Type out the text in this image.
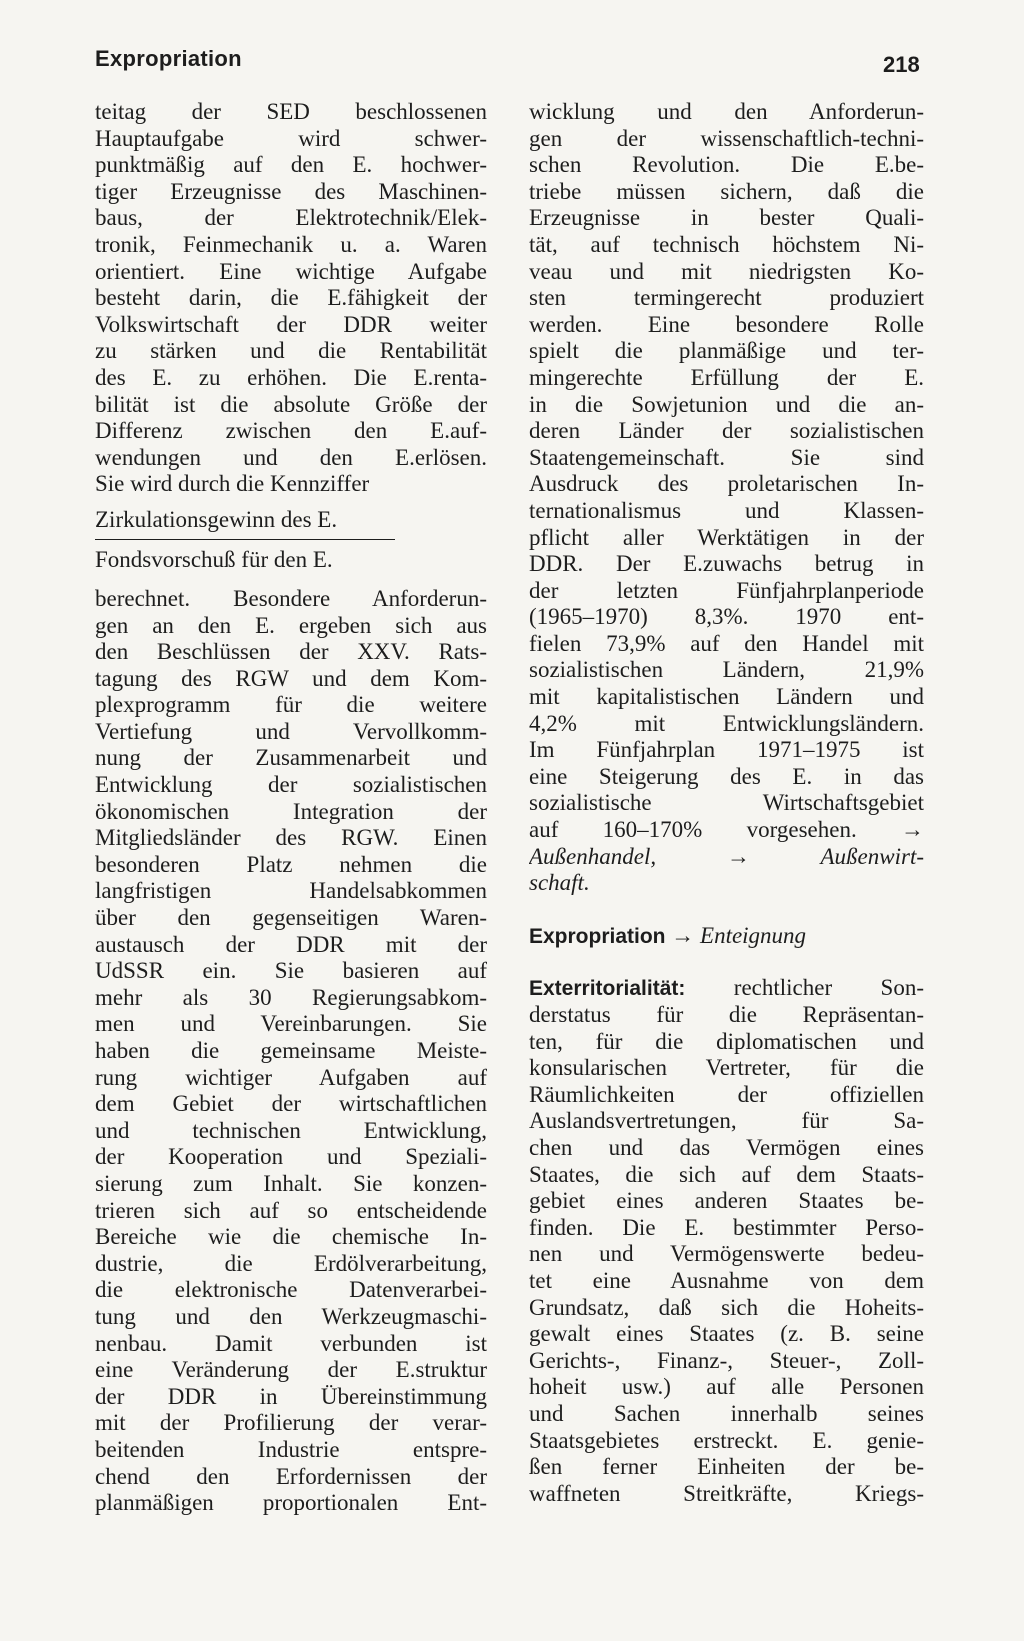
Expropriation	218
teitag der SED beschlossenen
Hauptaufgabe wird schwer-
punktmäßig auf den E. hochwer-
tiger Erzeugnisse des Maschinen-
baus, der Elektrotechnik/Elek-
tronik, Feinmechanik u. a. Waren
orientiert. Eine wichtige Aufgabe
besteht darin, die E.fähigkeit der
Volkswirtschaft der DDR weiter
zu stärken und die Rentabilität
des E. zu erhöhen. Die E.renta-
bilität ist die absolute Größe der
Differenz zwischen den E.auf-
wendungen und den E.erlösen.
Sie wird durch die Kennziffer
Zirkulationsgewinn des E.
Fondsvorschuß für den E.
berechnet. Besondere Anforderun-
gen an den E. ergeben sich aus
den Beschlüssen der XXV. Rats-
tagung des RGW und dem Kom-
plexprogramm für die weitere
Vertiefung und Vervollkomm-
nung der Zusammenarbeit und
Entwicklung der sozialistischen
ökonomischen Integration der
Mitgliedsländer des RGW. Einen
besonderen Platz nehmen die
langfristigen Handelsabkommen
über den gegenseitigen Waren-
austausch der DDR mit der
UdSSR ein. Sie basieren auf
mehr als 30 Regierungsabkom-
men und Vereinbarungen. Sie
haben die gemeinsame Meiste-
rung wichtiger Aufgaben auf
dem Gebiet der wirtschaftlichen
und technischen Entwicklung,
der Kooperation und Speziali-
sierung zum Inhalt. Sie konzen-
trieren sich auf so entscheidende
Bereiche wie die chemische In-
dustrie, die Erdölverarbeitung,
die elektronische Datenverarbei-
tung und den Werkzeugmaschi-
nenbau. Damit verbunden ist
eine Veränderung der E.struktur
der DDR in Übereinstimmung
mit der Profilierung der verar-
beitenden Industrie entspre-
chend den Erfordernissen der
planmäßigen proportionalen Ent-
wicklung und den Anforderun-
gen der wissenschaftlich-techni-
schen Revolution. Die E.be-
triebe müssen sichern, daß die
Erzeugnisse in bester Quali-
tät, auf technisch höchstem Ni-
veau und mit niedrigsten Ko-
sten termingerecht produziert
werden. Eine besondere Rolle
spielt die planmäßige und ter-
mingerechte Erfüllung der E.
in die Sowjetunion und die an-
deren Länder der sozialistischen
Staatengemeinschaft. Sie sind
Ausdruck des proletarischen In-
ternationalismus und Klassen-
pflicht aller Werktätigen in der
DDR. Der E.zuwachs betrug in
der letzten Fünfjahrplanperiode
(1965–1970) 8,3%. 1970 ent-
fielen 73,9% auf den Handel mit
sozialistischen Ländern, 21,9%
mit kapitalistischen Ländern und
4,2% mit Entwicklungsländern.
Im Fünfjahrplan 1971–1975 ist
eine Steigerung des E. in das
sozialistische Wirtschaftsgebiet
auf 160–170% vorgesehen. →
Außenhandel, → Außenwirt-
schaft.
Expropriation → Enteignung
Exterritorialität: rechtlicher Son-
derstatus für die Repräsentan-
ten, für die diplomatischen und
konsularischen Vertreter, für die
Räumlichkeiten der offiziellen
Auslandsvertretungen, für Sa-
chen und das Vermögen eines
Staates, die sich auf dem Staats-
gebiet eines anderen Staates be-
finden. Die E. bestimmter Perso-
nen und Vermögenswerte bedeu-
tet eine Ausnahme von dem
Grundsatz, daß sich die Hoheits-
gewalt eines Staates (z. B. seine
Gerichts-, Finanz-, Steuer-, Zoll-
hoheit usw.) auf alle Personen
und Sachen innerhalb seines
Staatsgebietes erstreckt. E. genie-
ßen ferner Einheiten der be-
waffneten Streitkräfte, Kriegs-
